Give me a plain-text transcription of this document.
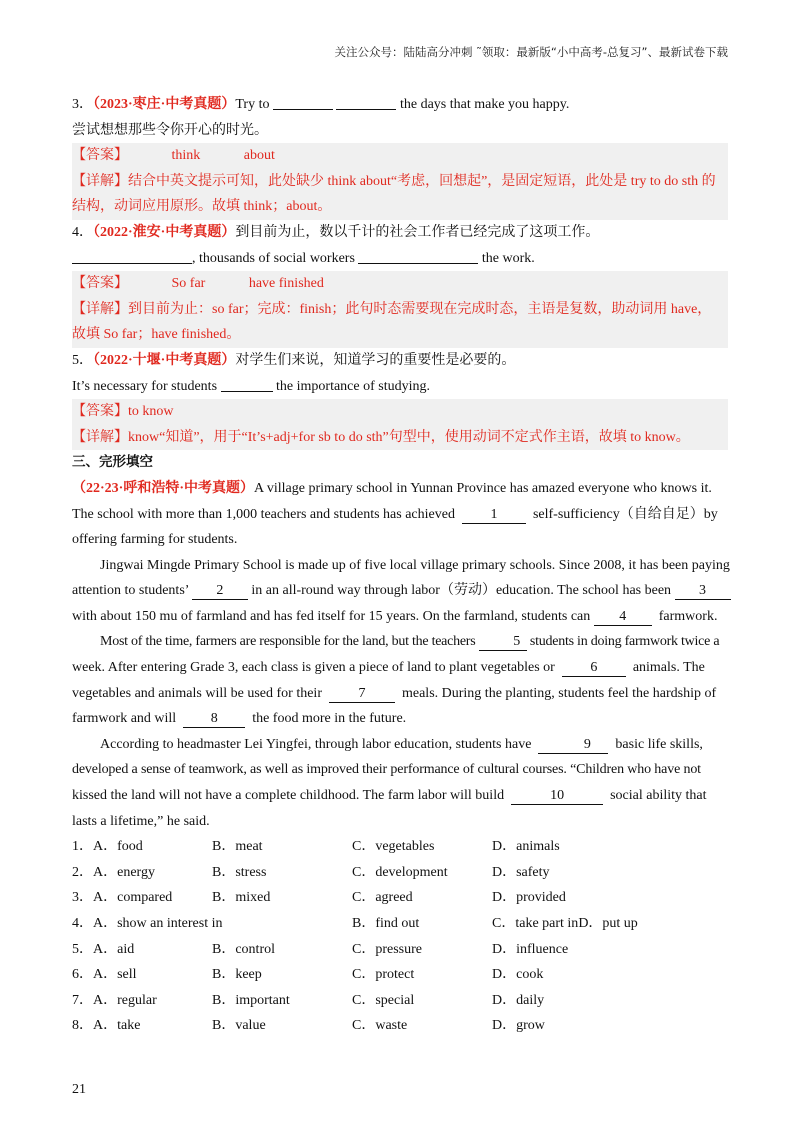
关注公众号：陆陆高分冲刺 ˜领取：最新版“小中高考-总复习”、最新试卷下载
3．（2023·枣庄·中考真题）Try to	the days that make you happy.
尝试想想那些令你开心的时光。
【答案】	think	about
【详解】结合中英文提示可知，此处缺少 think about“考虑，回想起”，是固定短语，此处是 try to do sth 的
结构，动词应用原形。故填 think；about。
4．（2022·淮安·中考真题）到目前为止，数以千计的社会工作者已经完成了这项工作。
, thousands of social workers	the work.
【答案】	So far	have finished
【详解】到目前为止：so far；完成：finish；此句时态需要现在完成时态，主语是复数，助动词用 have，
故填 So far；have finished。
5．（2022·十堰·中考真题）对学生们来说，知道学习的重要性是必要的。
It’s necessary for students	the importance of studying.
【答案】to know
【详解】know“知道”，用于“It’s+adj+for sb to do sth”句型中，使用动词不定式作主语，故填 to know。
三、完形填空
（22·23·呼和浩特·中考真题）A village primary school in Yunnan Province has amazed everyone who knows it.
The school with more than 1,000 teachers and students has achieved	1	self-sufficiency（自给自足）by
offering farming for students.
Jingwai Mingde Primary School is made up of five local village primary schools. Since 2008, it has been paying
attention to students’ 2 in an all-round way through labor（劳动）education. The school has been 3
with about 150 mu of farmland and has fed itself for 15 years. On the farmland, students can 4 farmwork.
Most of the time, farmers are responsible for the land, but the teachers	5 students in doing farmwork twice a
week. After entering Grade 3, each class is given a piece of land to plant vegetables or	6	animals. The
vegetables and animals will be used for their	7	meals. During the planting, students feel the hardship of
farmwork and will 8 the food more in the future.
According to headmaster Lei Yingfei, through labor education, students have	9 basic life skills,
developed a sense of teamwork, as well as improved their performance of cultural courses. “Children who have not
kissed the land will not have a complete childhood. The farm labor will build	10	social ability that
lasts a lifetime,” he said.
1．A．food	B．meat	C．vegetables	D．animals
2．A．energy	B．stress	C．development	D．safety
3．A．compared	B．mixed	C．agreed	D．provided
4．A．show an interest in	B．find out	C．take part in D．put up
5．A．aid	B．control	C．pressure	D．influence
6．A．sell	B．keep	C．protect	D．cook
7．A．regular	B．important	C．special	D．daily
8．A．take	B．value	C．waste	D．grow
21
